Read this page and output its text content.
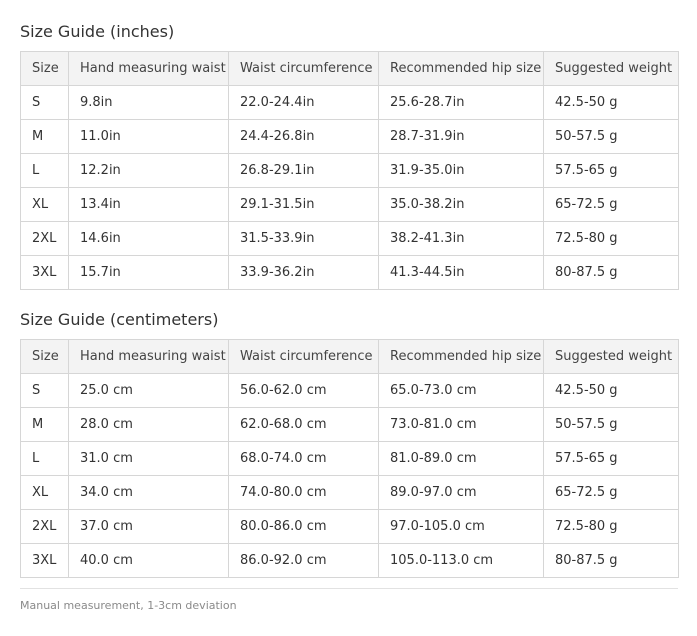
Size Guide (inches)
Size	Hand measuring waist	Waist circumference	Recommended hip size	Suggested weight
S	9.8in	22.0-24.4in	25.6-28.7in	42.5-50 g
M	11.0in	24.4-26.8in	28.7-31.9in	50-57.5 g
L	12.2in	26.8-29.1in	31.9-35.0in	57.5-65 g
XL	13.4in	29.1-31.5in	35.0-38.2in	65-72.5 g
2XL	14.6in	31.5-33.9in	38.2-41.3in	72.5-80 g
3XL	15.7in	33.9-36.2in	41.3-44.5in	80-87.5 g
Size Guide (centimeters)
Size	Hand measuring waist	Waist circumference	Recommended hip size	Suggested weight
S	25.0 cm	56.0-62.0 cm	65.0-73.0 cm	42.5-50 g
M	28.0 cm	62.0-68.0 cm	73.0-81.0 cm	50-57.5 g
L	31.0 cm	68.0-74.0 cm	81.0-89.0 cm	57.5-65 g
XL	34.0 cm	74.0-80.0 cm	89.0-97.0 cm	65-72.5 g
2XL	37.0 cm	80.0-86.0 cm	97.0-105.0 cm	72.5-80 g
3XL	40.0 cm	86.0-92.0 cm	105.0-113.0 cm	80-87.5 g
Manual measurement, 1-3cm deviation
